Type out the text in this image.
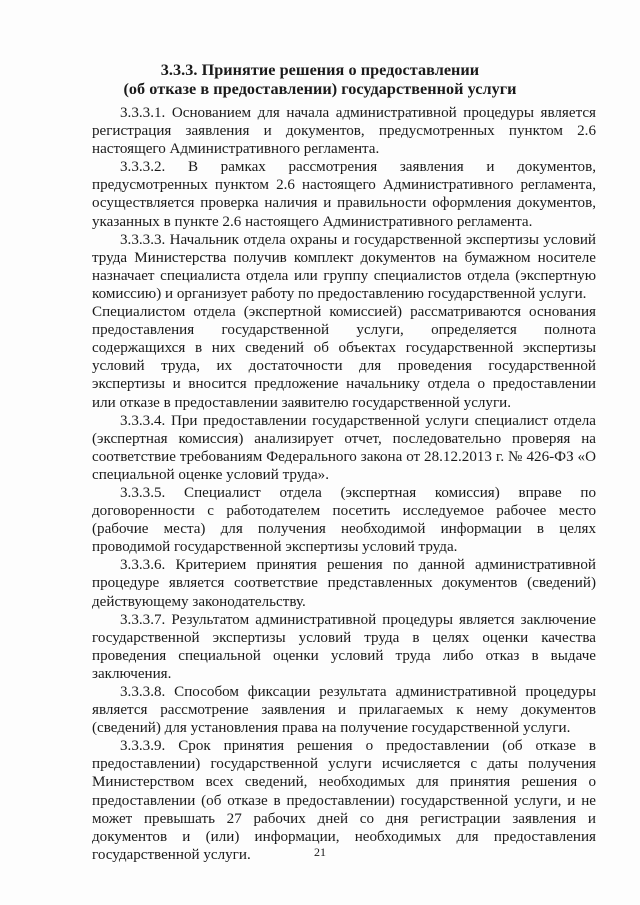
3.3.3. Принятие решения о предоставлении
(об отказе в предоставлении) государственной услуги

3.3.3.1. Основанием для начала административной процедуры является регистрация заявления и документов, предусмотренных пунктом 2.6 настоящего Административного регламента.

3.3.3.2. В рамках рассмотрения заявления и документов, предусмотренных пунктом 2.6 настоящего Административного регламента, осуществляется проверка наличия и правильности оформления документов, указанных в пункте 2.6 настоящего Административного регламента.

3.3.3.3. Начальник отдела охраны и государственной экспертизы условий труда Министерства получив комплект документов на бумажном носителе назначает специалиста отдела или группу специалистов отдела (экспертную комиссию) и организует работу по предоставлению государственной услуги.

Специалистом отдела (экспертной комиссией) рассматриваются основания предоставления государственной услуги, определяется полнота содержащихся в них сведений об объектах государственной экспертизы условий труда, их достаточности для проведения государственной экспертизы и вносится предложение начальнику отдела о предоставлении или отказе в предоставлении заявителю государственной услуги.

3.3.3.4. При предоставлении государственной услуги специалист отдела (экспертная комиссия) анализирует отчет, последовательно проверяя на соответствие требованиям Федерального закона от 28.12.2013 г. № 426-ФЗ «О специальной оценке условий труда».

3.3.3.5. Специалист отдела (экспертная комиссия) вправе по договоренности с работодателем посетить исследуемое рабочее место (рабочие места) для получения необходимой информации в целях проводимой государственной экспертизы условий труда.

3.3.3.6. Критерием принятия решения по данной административной процедуре является соответствие представленных документов (сведений) действующему законодательству.

3.3.3.7. Результатом административной процедуры является заключение государственной экспертизы условий труда в целях оценки качества проведения специальной оценки условий труда либо отказ в выдаче заключения.

3.3.3.8. Способом фиксации результата административной процедуры является рассмотрение заявления и прилагаемых к нему документов (сведений) для установления права на получение государственной услуги.

3.3.3.9. Срок принятия решения о предоставлении (об отказе в предоставлении) государственной услуги исчисляется с даты получения Министерством всех сведений, необходимых для принятия решения о предоставлении (об отказе в предоставлении) государственной услуги, и не может превышать 27 рабочих дней со дня регистрации заявления и документов и (или) информации, необходимых для предоставления государственной услуги.	21
